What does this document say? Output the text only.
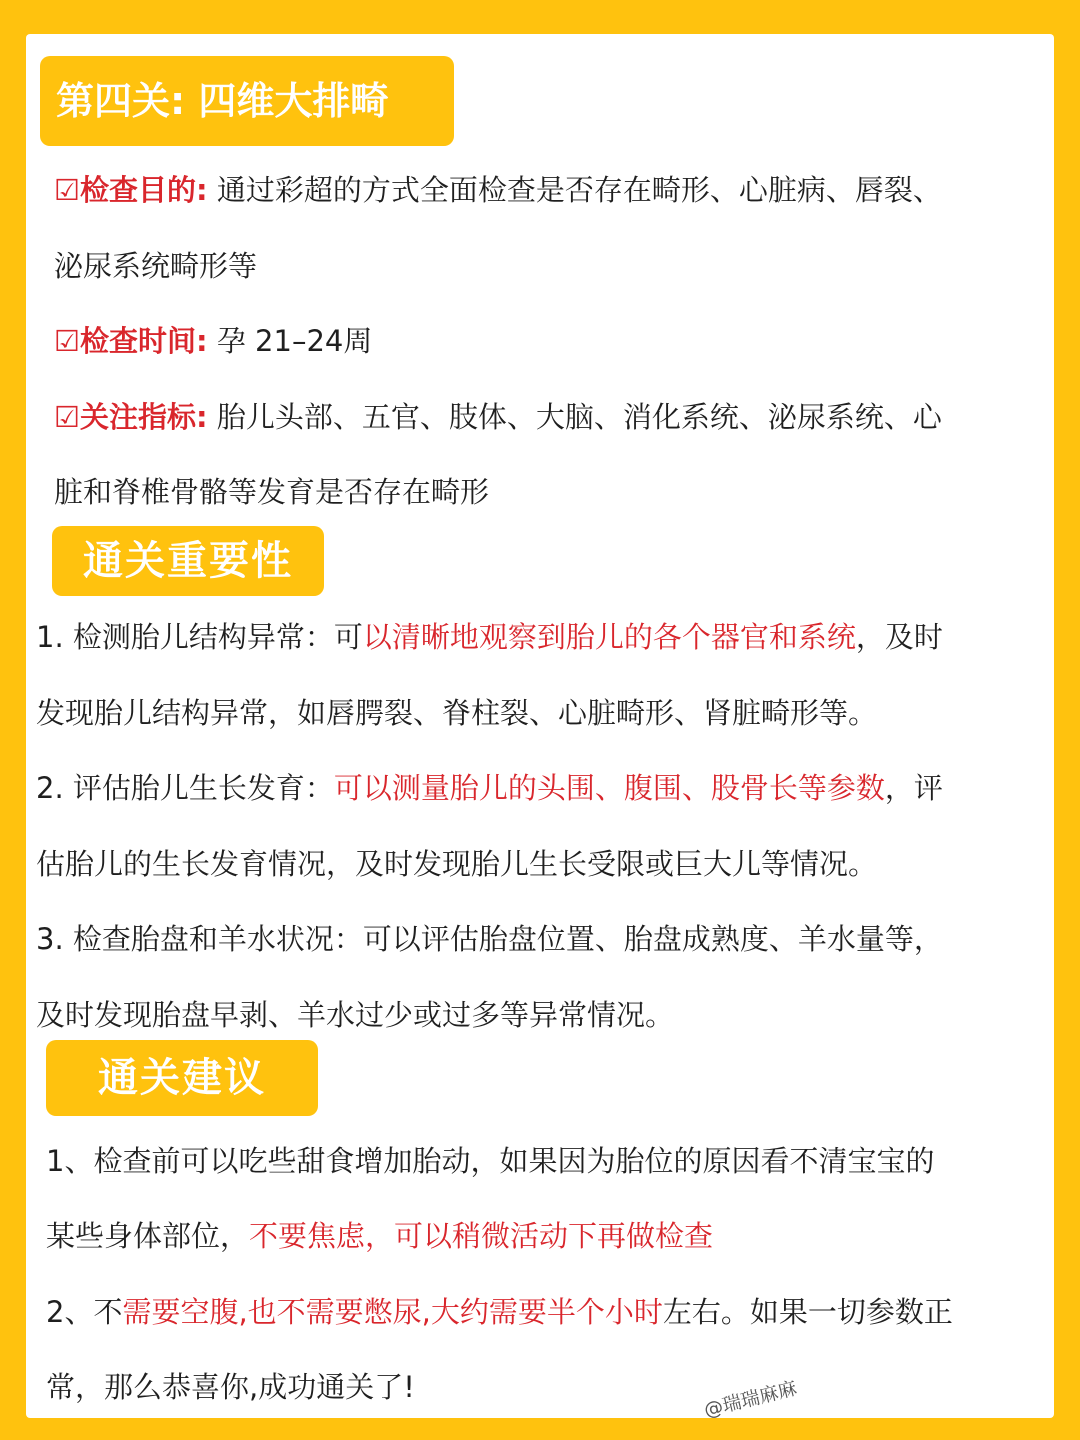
第四关: 四维大排畸
☑检查目的: 通过彩超的方式全面检查是否存在畸形、心脏病、唇裂、
泌尿系统畸形等
☑检查时间: 孕 21–24周
☑关注指标: 胎儿头部、五官、肢体、大脑、消化系统、泌尿系统、心
脏和脊椎骨骼等发育是否存在畸形
通关重要性
1. 检测胎儿结构异常：可以清晰地观察到胎儿的各个器官和系统，及时
发现胎儿结构异常，如唇腭裂、脊柱裂、心脏畸形、肾脏畸形等。
2. 评估胎儿生长发育：可以测量胎儿的头围、腹围、股骨长等参数，评
估胎儿的生长发育情况，及时发现胎儿生长受限或巨大儿等情况。
3. 检查胎盘和羊水状况：可以评估胎盘位置、胎盘成熟度、羊水量等，
及时发现胎盘早剥、羊水过少或过多等异常情况。
通关建议
1、检查前可以吃些甜食增加胎动，如果因为胎位的原因看不清宝宝的
某些身体部位，不要焦虑，可以稍微活动下再做检查
2、不需要空腹,也不需要憋尿,大约需要半个小时左右。如果一切参数正
常，那么恭喜你,成功通关了!	@瑞瑞麻麻
